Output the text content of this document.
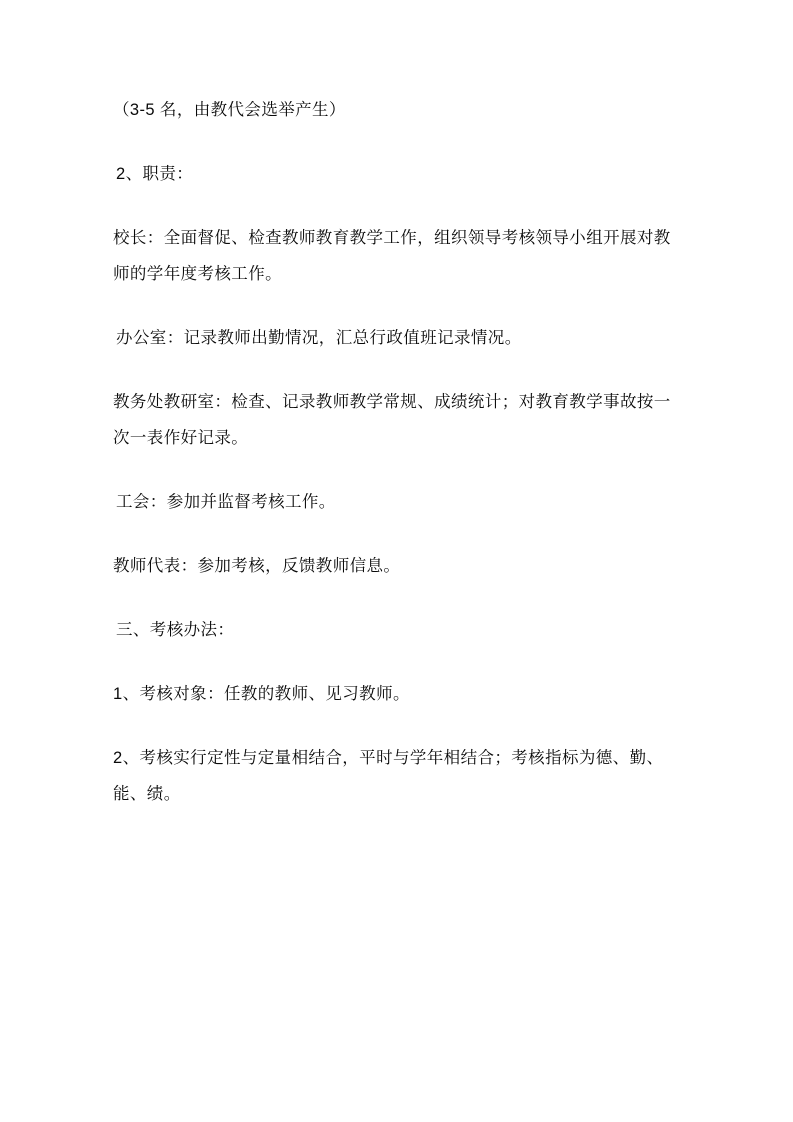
（3-5 名，由教代会选举产生）

2、职责：

校长：全面督促、检查教师教育教学工作，组织领导考核领导小组开展对教师的学年度考核工作。

办公室：记录教师出勤情况，汇总行政值班记录情况。

教务处教研室：检查、记录教师教学常规、成绩统计；对教育教学事故按一次一表作好记录。

工会：参加并监督考核工作。

教师代表：参加考核，反馈教师信息。

三、考核办法：

1、考核对象：任教的教师、见习教师。

2、考核实行定性与定量相结合，平时与学年相结合；考核指标为德、勤、能、绩。
